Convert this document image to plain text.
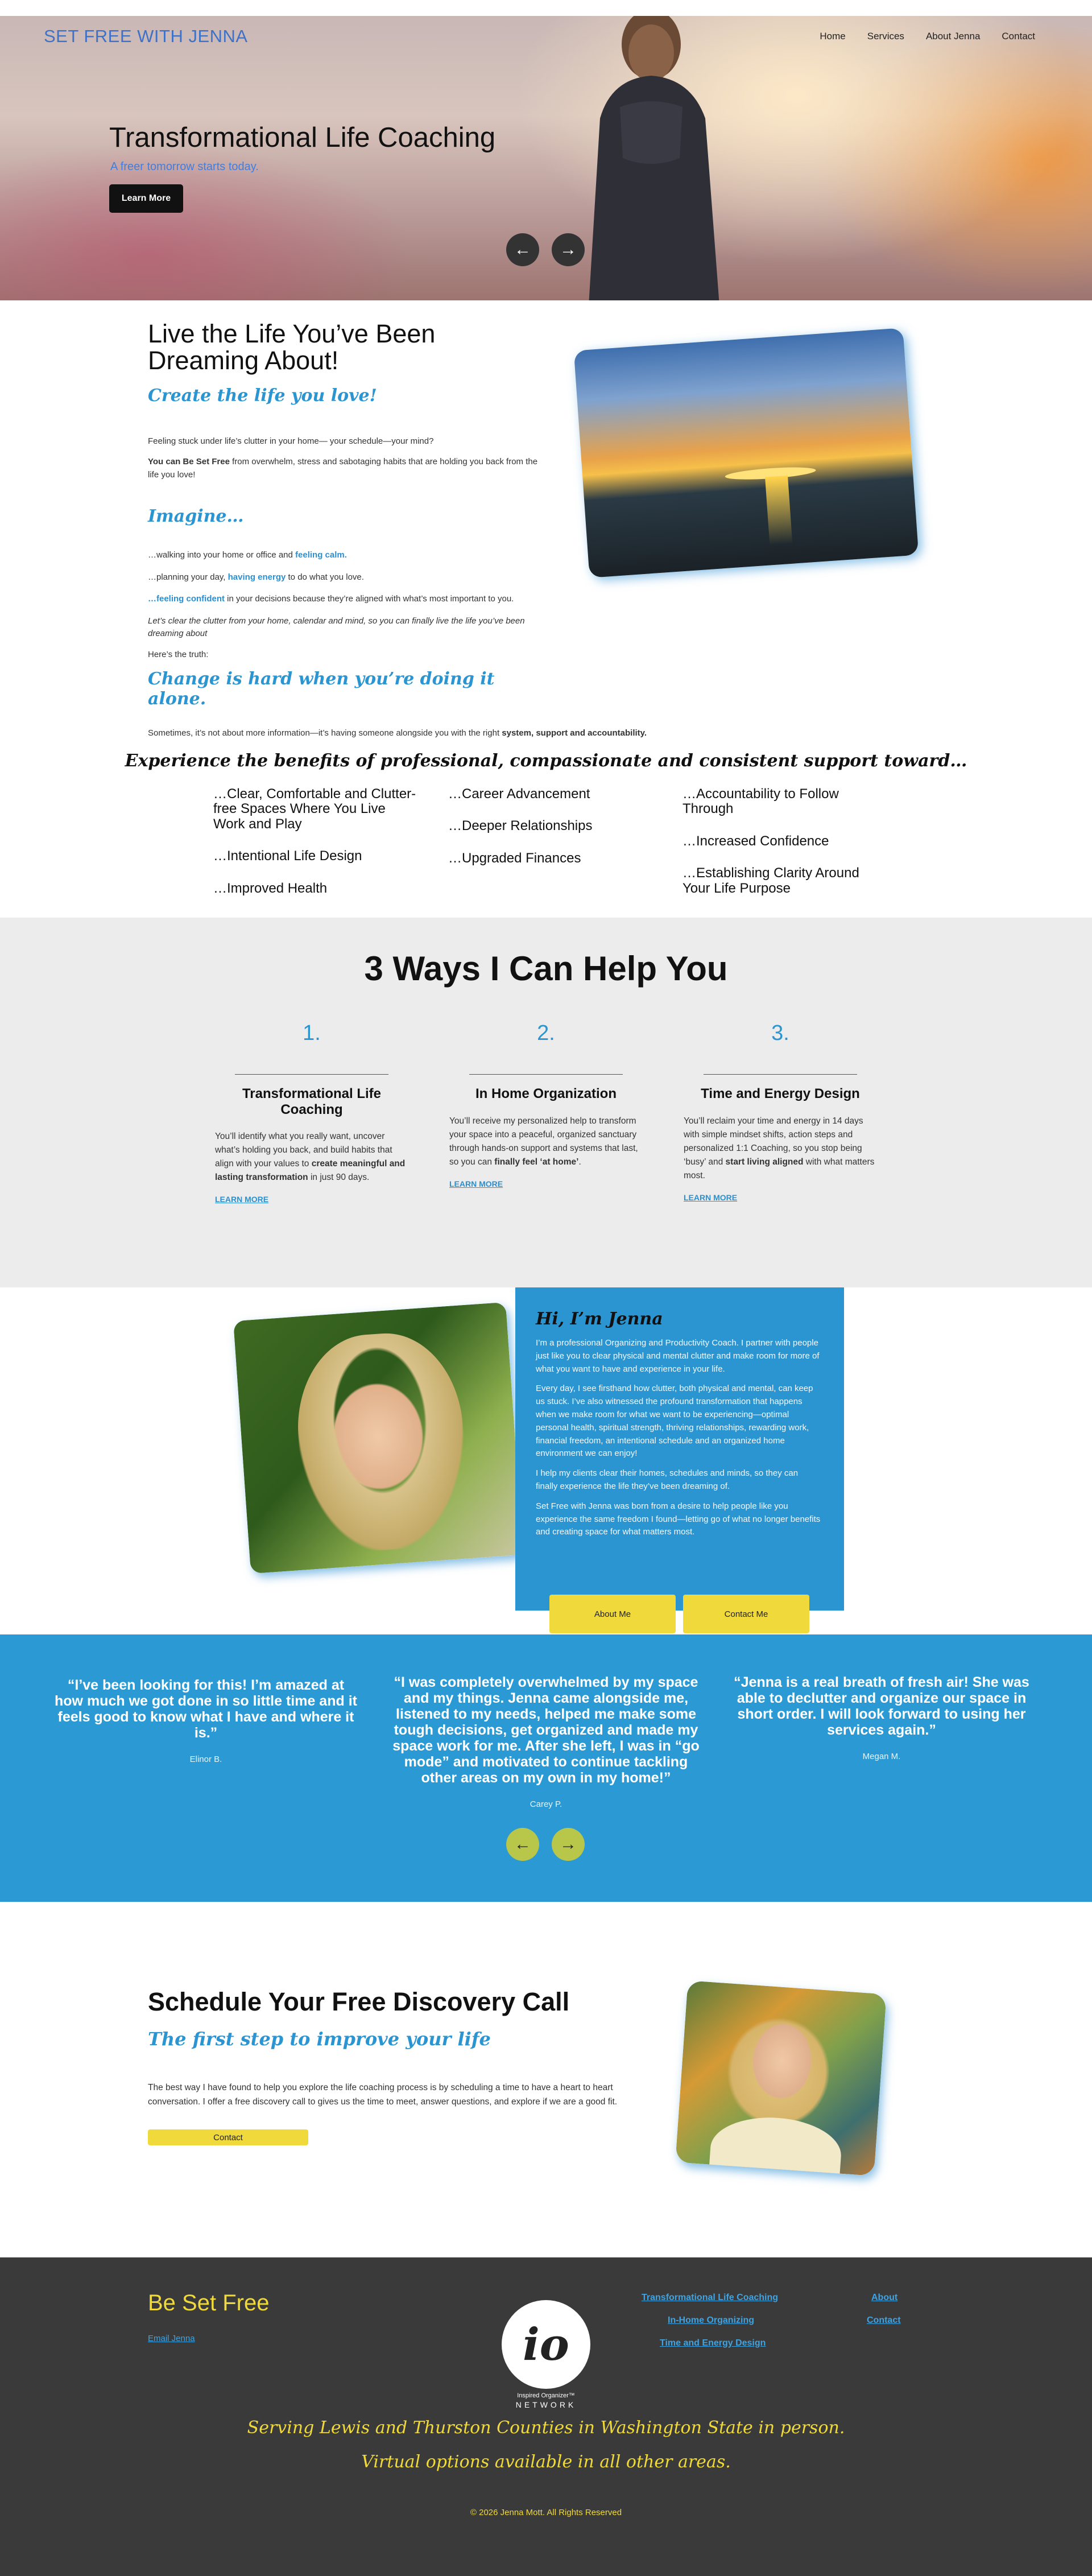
SET FREE WITH JENNA	Home Services About Jenna Contact
Transformational Life Coaching
A freer tomorrow starts today.
Learn More
← →
Live the Life You’ve Been Dreaming About!
Create the life you love!

Feeling stuck under life’s clutter in your home— your schedule—your mind?

You can Be Set Free from overwhelm, stress and sabotaging habits that are holding you back from the life you love!

Imagine…

…walking into your home or office and feeling calm.

…planning your day, having energy to do what you love.

…feeling confident in your decisions because they’re aligned with what’s most important to you.

Let’s clear the clutter from your home, calendar and mind, so you can finally live the life you’ve been dreaming about

Here’s the truth:

Change is hard when you’re doing it alone.

Sometimes, it’s not about more information—it’s having someone alongside you with the right system, support and accountability.

Experience the benefits of professional, compassionate and consistent support toward…
…Clear, Comfortable and Clutter-free Spaces Where You Live Work and Play
…Intentional Life Design
…Improved Health
…Career Advancement
…Deeper Relationships
…Upgraded Finances
…Accountability to Follow Through
…Increased Confidence
…Establishing Clarity Around Your Life Purpose
3 Ways I Can Help You
1.
Transformational Life Coaching

You’ll identify what you really want, uncover what’s holding you back, and build habits that align with your values to create meaningful and lasting transformation in just 90 days.

LEARN MORE
2.
In Home Organization

You’ll receive my personalized help to transform your space into a peaceful, organized sanctuary through hands-on support and systems that last, so you can finally feel ‘at home’.

LEARN MORE
3.
Time and Energy Design

You’ll reclaim your time and energy in 14 days with simple mindset shifts, action steps and personalized 1:1 Coaching, so you stop being ‘busy’ and start living aligned with what matters most.

LEARN MORE
Hi, I’m Jenna

I’m a professional Organizing and Productivity Coach. I partner with people just like you to clear physical and mental clutter and make room for more of what you want to have and experience in your life.

Every day, I see firsthand how clutter, both physical and mental, can keep us stuck. I’ve also witnessed the profound transformation that happens when we make room for what we want to be experiencing—optimal personal health, spiritual strength, thriving relationships, rewarding work, financial freedom, an intentional schedule and an organized home environment we can enjoy!

I help my clients clear their homes, schedules and minds, so they can finally experience the life they’ve been dreaming of.

Set Free with Jenna was born from a desire to help people like you experience the same freedom I found—letting go of what no longer benefits and creating space for what matters most.

About Me	Contact Me
“I’ve been looking for this! I’m amazed at how much we got done in so little time and it feels good to know what I have and where it is.”
Elinor B.
“I was completely overwhelmed by my space and my things. Jenna came alongside me, listened to my needs, helped me make some tough decisions, get organized and made my space work for me. After she left, I was in “go mode” and motivated to continue tackling other areas on my own in my home!”
Carey P.
“Jenna is a real breath of fresh air! She was able to declutter and organize our space in short order. I will look forward to using her services again.”
Megan M.
← →
Schedule Your Free Discovery Call
The first step to improve your life

The best way I have found to help you explore the life coaching process is by scheduling a time to have a heart to heart conversation. I offer a free discovery call to gives us the time to meet, answer questions, and explore if we are a good fit.

Contact
Be Set Free
Email Jenna	io
Inspired Organizer™
NETWORK
Transformational Life Coaching
In-Home Organizing
Time and Energy Design
About
Contact
Serving Lewis and Thurston Counties in Washington State in person.
Virtual options available in all other areas.
© 2026 Jenna Mott. All Rights Reserved
